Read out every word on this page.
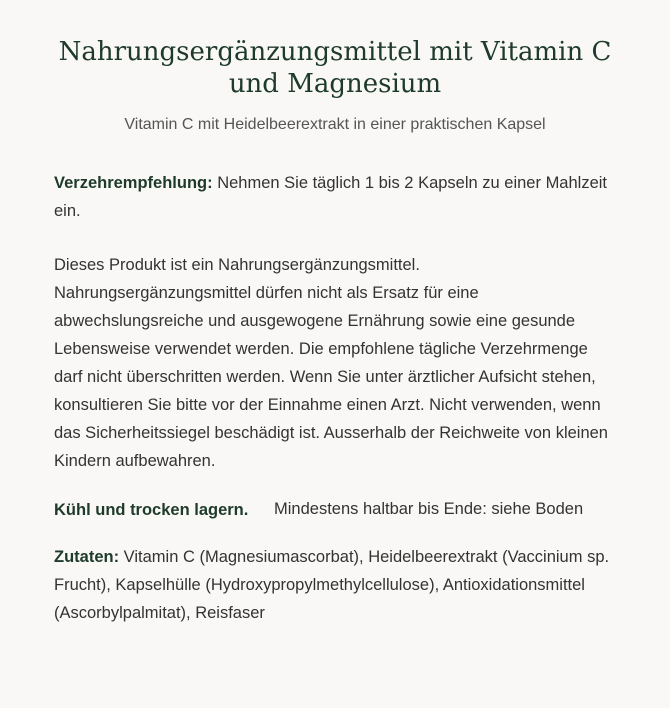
Nahrungsergänzungsmittel mit Vitamin C und Magnesium

Vitamin C mit Heidelbeerextrakt in einer praktischen Kapsel

Verzehrempfehlung: Nehmen Sie täglich 1 bis 2 Kapseln zu einer Mahlzeit ein.

Dieses Produkt ist ein Nahrungsergänzungsmittel. Nahrungsergänzungsmittel dürfen nicht als Ersatz für eine abwechslungsreiche und ausgewogene Ernährung sowie eine gesunde Lebensweise verwendet werden. Die empfohlene tägliche Verzehrmenge darf nicht überschritten werden. Wenn Sie unter ärztlicher Aufsicht stehen, konsultieren Sie bitte vor der Einnahme einen Arzt. Nicht verwenden, wenn das Sicherheitssiegel beschädigt ist. Ausserhalb der Reichweite von kleinen Kindern aufbewahren.

Kühl und trocken lagern.	Mindestens haltbar bis Ende: siehe Boden

Zutaten: Vitamin C (Magnesiumascorbat), Heidelbeerextrakt (Vaccinium sp. Frucht), Kapselhülle (Hydroxypropylmethylcellulose), Antioxidationsmittel (Ascorbylpalmitat), Reisfaser
